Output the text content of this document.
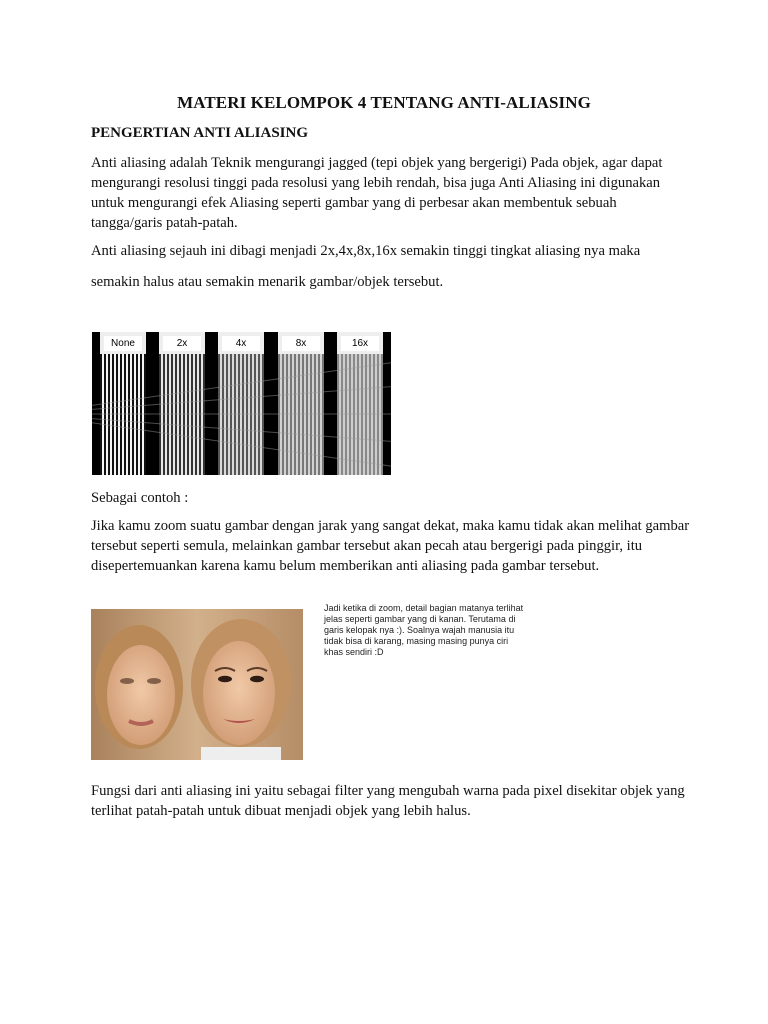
MATERI KELOMPOK 4 TENTANG ANTI-ALIASING
PENGERTIAN ANTI ALIASING

Anti aliasing adalah Teknik mengurangi jagged (tepi objek yang bergerigi) Pada objek, agar dapat mengurangi resolusi tinggi pada resolusi yang lebih rendah, bisa juga Anti Aliasing ini digunakan untuk mengurangi efek Aliasing seperti gambar yang di perbesar akan membentuk sebuah tangga/garis patah-patah.

Anti aliasing sejauh ini dibagi menjadi 2x,4x,8x,16x semakin tinggi tingkat aliasing nya maka

semakin halus atau semakin menarik gambar/objek tersebut.

None	2x	4x	8x	16x

Sebagai contoh :

Jika kamu zoom suatu gambar dengan jarak yang sangat dekat, maka kamu tidak akan melihat gambar tersebut seperti semula, melainkan gambar tersebut akan pecah atau bergerigi pada pinggir, itu disepertemuankan karena kamu belum memberikan anti aliasing pada gambar tersebut.

Jadi ketika di zoom, detail bagian matanya terlihat jelas seperti gambar yang di kanan. Terutama di garis kelopak nya :). Soalnya wajah manusia itu tidak bisa di karang, masing masing punya ciri khas sendiri :D

Fungsi dari anti aliasing ini yaitu sebagai filter yang mengubah warna pada pixel disekitar objek yang terlihat patah-patah untuk dibuat menjadi objek yang lebih halus.
